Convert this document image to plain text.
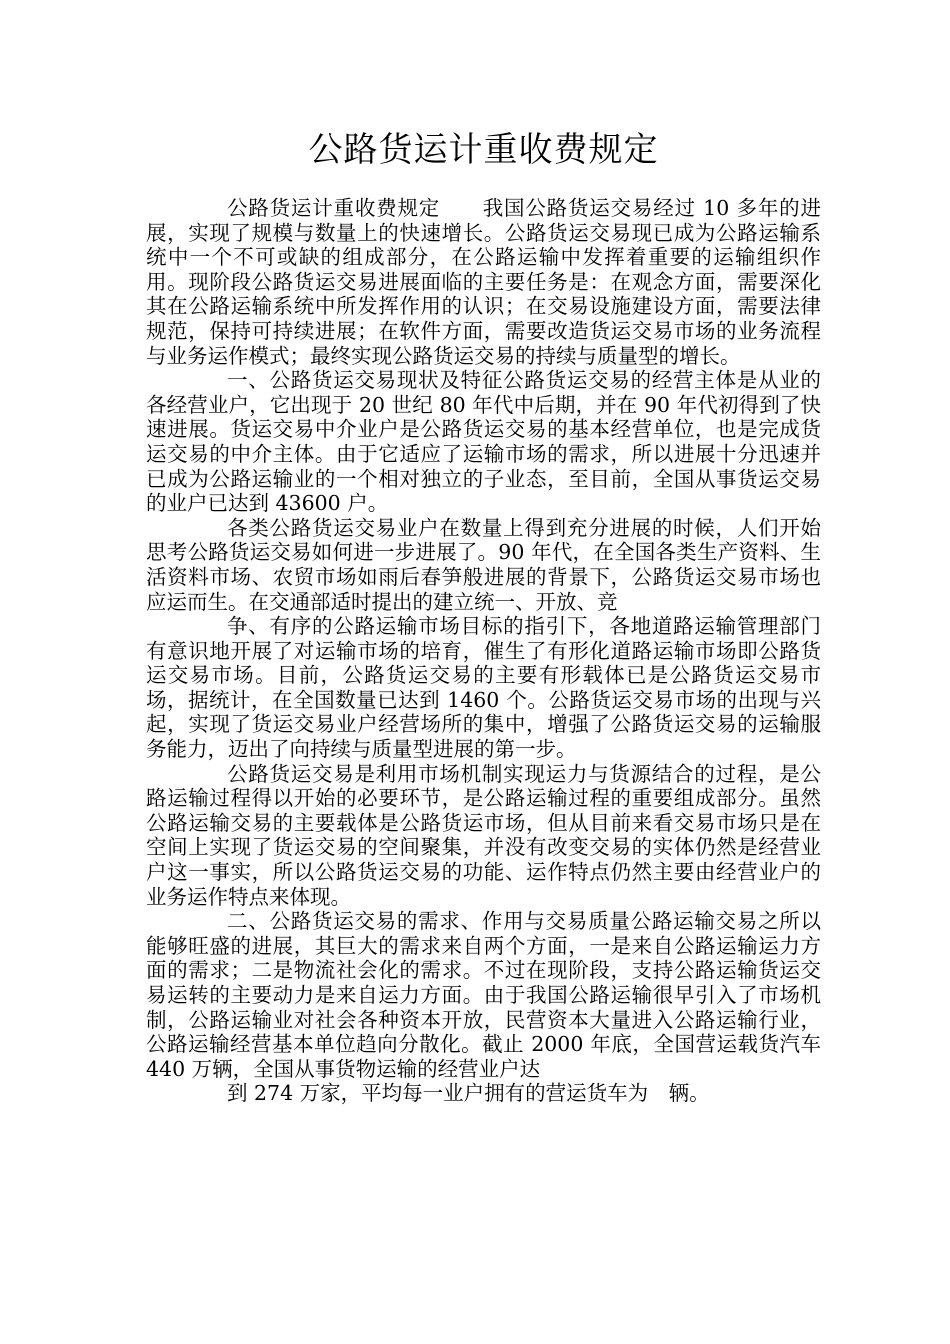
公路货运计重收费规定

公路货运计重收费规定　　我国公路货运交易经过 10 多年的进展，实现了规模与数量上的快速增长。公路货运交易现已成为公路运输系统中一个不可或缺的组成部分，在公路运输中发挥着重要的运输组织作用。现阶段公路货运交易进展面临的主要任务是：在观念方面，需要深化其在公路运输系统中所发挥作用的认识；在交易设施建设方面，需要法律规范，保持可持续进展；在软件方面，需要改造货运交易市场的业务流程与业务运作模式；最终实现公路货运交易的持续与质量型的增长。

一、公路货运交易现状及特征公路货运交易的经营主体是从业的各经营业户，它出现于 20 世纪 80 年代中后期，并在 90 年代初得到了快速进展。货运交易中介业户是公路货运交易的基本经营单位，也是完成货运交易的中介主体。由于它适应了运输市场的需求，所以进展十分迅速并已成为公路运输业的一个相对独立的子业态，至目前，全国从事货运交易的业户已达到 43600 户。

各类公路货运交易业户在数量上得到充分进展的时候，人们开始思考公路货运交易如何进一步进展了。90 年代，在全国各类生产资料、生活资料市场、农贸市场如雨后春笋般进展的背景下，公路货运交易市场也应运而生。在交通部适时提出的建立统一、开放、竞

争、有序的公路运输市场目标的指引下，各地道路运输管理部门有意识地开展了对运输市场的培育，催生了有形化道路运输市场即公路货运交易市场。目前，公路货运交易的主要有形载体已是公路货运交易市场，据统计，在全国数量已达到 1460 个。公路货运交易市场的出现与兴起，实现了货运交易业户经营场所的集中，增强了公路货运交易的运输服务能力，迈出了向持续与质量型进展的第一步。

公路货运交易是利用市场机制实现运力与货源结合的过程，是公路运输过程得以开始的必要环节，是公路运输过程的重要组成部分。虽然公路运输交易的主要载体是公路货运市场，但从目前来看交易市场只是在空间上实现了货运交易的空间聚集，并没有改变交易的实体仍然是经营业户这一事实，所以公路货运交易的功能、运作特点仍然主要由经营业户的业务运作特点来体现。

二、公路货运交易的需求、作用与交易质量公路运输交易之所以能够旺盛的进展，其巨大的需求来自两个方面，一是来自公路运输运力方面的需求；二是物流社会化的需求。不过在现阶段，支持公路运输货运交易运转的主要动力是来自运力方面。由于我国公路运输很早引入了市场机制，公路运输业对社会各种资本开放，民营资本大量进入公路运输行业，公路运输经营基本单位趋向分散化。截止 2000 年底，全国营运载货汽车 440 万辆，全国从事货物运输的经营业户达

到 274 万家，平均每一业户拥有的营运货车为　辆。
